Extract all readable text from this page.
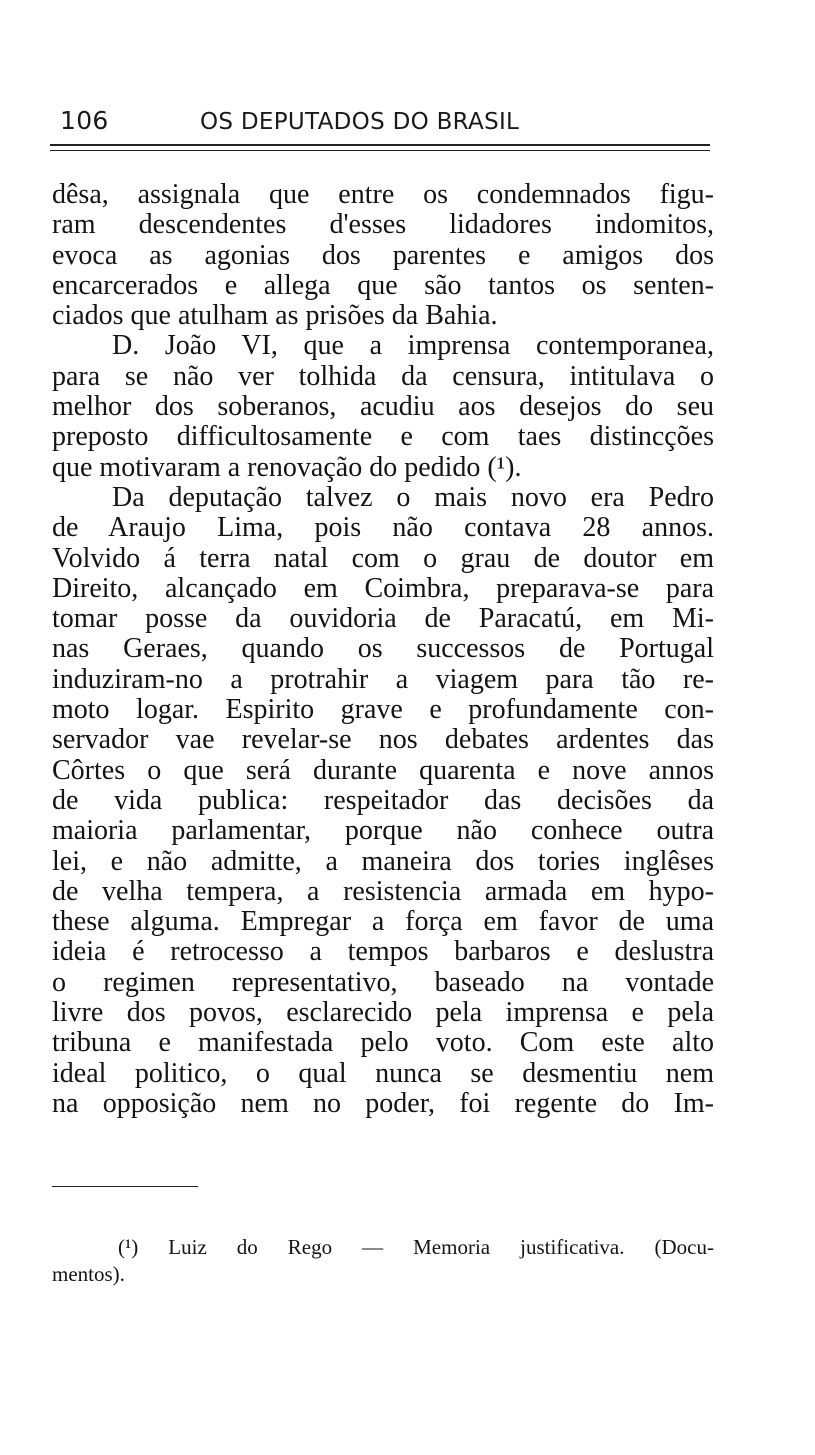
106	OS DEPUTADOS DO BRASIL
dêsa, assignala que entre os condemnados figu-
ram descendentes d'esses lidadores indomitos,
evoca as agonias dos parentes e amigos dos
encarcerados e allega que são tantos os senten-
ciados que atulham as prisões da Bahia.
D. João VI, que a imprensa contemporanea,
para se não ver tolhida da censura, intitulava o
melhor dos soberanos, acudiu aos desejos do seu
preposto difficultosamente e com taes distincções
que motivaram a renovação do pedido (¹).
Da deputação talvez o mais novo era Pedro
de Araujo Lima, pois não contava 28 annos.
Volvido á terra natal com o grau de doutor em
Direito, alcançado em Coimbra, preparava-se para
tomar posse da ouvidoria de Paracatú, em Mi-
nas Geraes, quando os successos de Portugal
induziram-no a protrahir a viagem para tão re-
moto logar. Espirito grave e profundamente con-
servador vae revelar-se nos debates ardentes das
Côrtes o que será durante quarenta e nove annos
de vida publica: respeitador das decisões da
maioria parlamentar, porque não conhece outra
lei, e não admitte, a maneira dos tories inglêses
de velha tempera, a resistencia armada em hypo-
these alguma. Empregar a força em favor de uma
ideia é retrocesso a tempos barbaros e deslustra
o regimen representativo, baseado na vontade
livre dos povos, esclarecido pela imprensa e pela
tribuna e manifestada pelo voto. Com este alto
ideal politico, o qual nunca se desmentiu nem
na opposição nem no poder, foi regente do Im-
(¹) Luiz do Rego — Memoria justificativa. (Docu-
mentos).
